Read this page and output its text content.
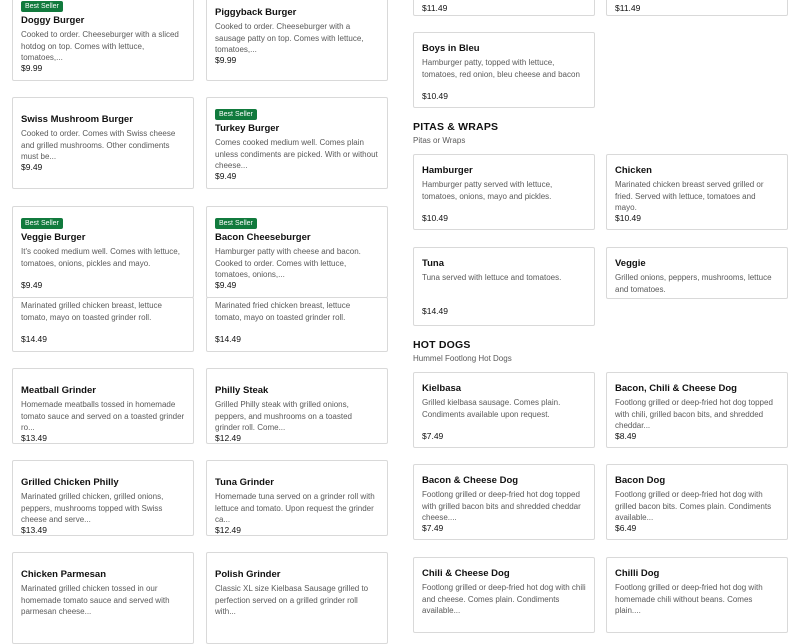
Best Seller
Doggy Burger
Cooked to order. Cheeseburger with a sliced hotdog on top. Comes with lettuce, tomatoes,...
$9.99
Piggyback Burger
Cooked to order. Cheeseburger with a sausage patty on top. Comes with lettuce, tomatoes,...
$9.99
Swiss Mushroom Burger
Cooked to order. Comes with Swiss cheese and grilled mushrooms. Other condiments must be...
$9.49
Best Seller
Turkey Burger
Comes cooked medium well. Comes plain unless condiments are picked. With or without cheese...
$9.49
Best Seller
Veggie Burger
It's cooked medium well. Comes with lettuce, tomatoes, onions, pickles and mayo.
$9.49
Best Seller
Bacon Cheeseburger
Hamburger patty with cheese and bacon. Cooked to order. Comes with lettuce, tomatoes, onions,...
$9.49
Marinated grilled chicken breast, lettuce tomato, mayo on toasted grinder roll.
$14.49
Marinated fried chicken breast, lettuce tomato, mayo on toasted grinder roll.
$14.49
Meatball Grinder
Homemade meatballs tossed in homemade tomato sauce and served on a toasted grinder ro...
$13.49
Philly Steak
Grilled Philly steak with grilled onions, peppers, and mushrooms on a toasted grinder roll. Come...
$12.49
Grilled Chicken Philly
Marinated grilled chicken, grilled onions, peppers, mushrooms topped with Swiss cheese and serve...
$13.49
Tuna Grinder
Homemade tuna served on a grinder roll with lettuce and tomato. Upon request the grinder ca...
$12.49
Chicken Parmesan
Marinated grilled chicken tossed in our homemade tomato sauce and served with parmesan cheese...
Polish Grinder
Classic XL size Kielbasa Sausage grilled to perfection served on a grilled grinder roll with...
$11.49	$11.49
Boys in Bleu
Hamburger patty, topped with lettuce, tomatoes, red onion, bleu cheese and bacon
$10.49
PITAS & WRAPS
Pitas or Wraps
Hamburger
Hamburger patty served with lettuce, tomatoes, onions, mayo and pickles.
$10.49
Chicken
Marinated chicken breast served grilled or fried. Served with lettuce, tomatoes and mayo.
$10.49
Tuna
Tuna served with lettuce and tomatoes.
$14.49
Veggie
Grilled onions, peppers, mushrooms, lettuce and tomatoes.
HOT DOGS
Hummel Footlong Hot Dogs
Kielbasa
Grilled kielbasa sausage. Comes plain. Condiments available upon request.
$7.49
Bacon, Chili & Cheese Dog
Footlong grilled or deep-fried hot dog topped with chili, grilled bacon bits, and shredded cheddar...
$8.49
Bacon & Cheese Dog
Footlong grilled or deep-fried hot dog topped with grilled bacon bits and shredded cheddar cheese....
$7.49
Bacon Dog
Footlong grilled or deep-fried hot dog with grilled bacon bits. Comes plain. Condiments available...
$6.49
Chili & Cheese Dog
Footlong grilled or deep-fried hot dog with chili and cheese. Comes plain. Condiments available...
Chilli Dog
Footlong grilled or deep-fried hot dog with homemade chili without beans. Comes plain....
